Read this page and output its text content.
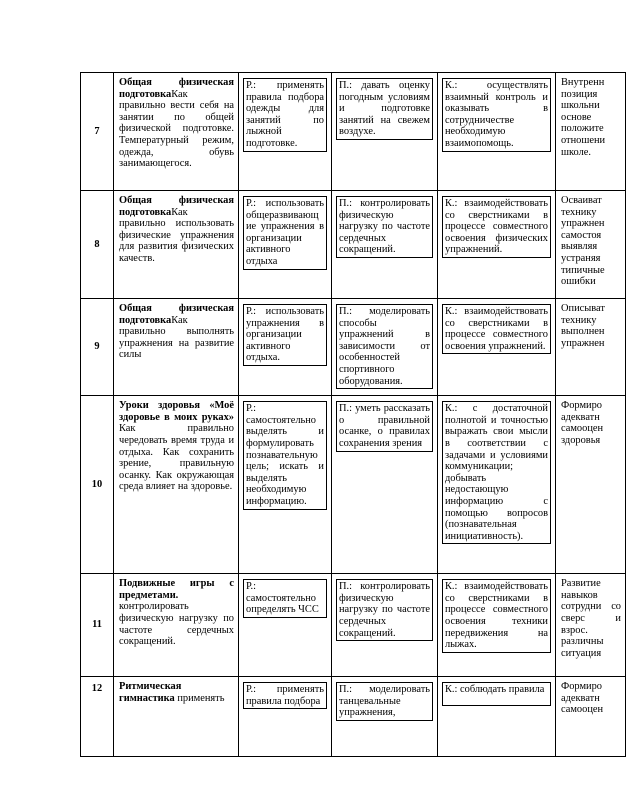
7	Общая физическая подготовкаКак правильно вести себя на занятии по общей физической подготовке. Температурный режим, одежда, обувь занимающегося.	Р.: применять правила подбора одежды для занятий по лыжной подготовке.	П.: давать оценку погодным условиям и подготовке занятий на свежем воздухе.	К.: осуществлять взаимный контроль и оказывать в сотрудничестве необходимую взаимопомощь.	Внутренн позиция школьни основе положите отношени школе.
8	Общая физическая подготовкаКак правильно использовать физические упражнения для развития физических качеств.	Р.: использовать общеразвивающ ие упражнения в организации активного отдыха	П.: контролировать физическую нагрузку по частоте сердечных сокращений.	К.: взаимодействовать со сверстниками в процессе совместного освоения физических упражнений.	Осваиват технику упражнен самостоя выявляя устраняя типичные ошибки
9	Общая физическая подготовкаКак правильно выполнять упражнения на развитие силы	Р.: использовать упражнения в организации активного отдыха.	П.: моделировать способы упражнений в зависимости от особенностей спортивного оборудования.	К.: взаимодействовать со сверстниками в процессе совместного освоения упражнений.	Описыват технику выполнен упражнен
10	Уроки здоровья «Моё здоровье в моих руках» Как правильно чередовать время труда и отдыха. Как сохранить зрение, правильную осанку. Как окружающая среда влияет на здоровье.	Р.: самостоятельно выделять и формулировать познавательную цель; искать и выделять необходимую информацию.	П.: уметь рассказать о правильной осанке, о правилах сохранения зрения	К.: с достаточной полнотой и точностью выражать свои мысли в соответствии с задачами и условиями коммуникации; добывать недостающую информацию с помощью вопросов (познавательная инициативность).	Формиро адекватн самооцен здоровья
11	Подвижные игры с предметами. контролировать физическую нагрузку по частоте сердечных сокращений.	Р.: самостоятельно определять ЧСС	П.: контролировать физическую нагрузку по частоте сердечных сокращений.	К.: взаимодействовать со сверстниками в процессе совместного освоения техники передвижения на лыжах.	Развитие навыков сотрудни со сверс и взрос. различны ситуация
12	Ритмическая гимнастика применять	Р.: применять правила подбора	П.: моделировать танцевальные упражнения,	К.: соблюдать правила	Формиро адекватн самооцен
